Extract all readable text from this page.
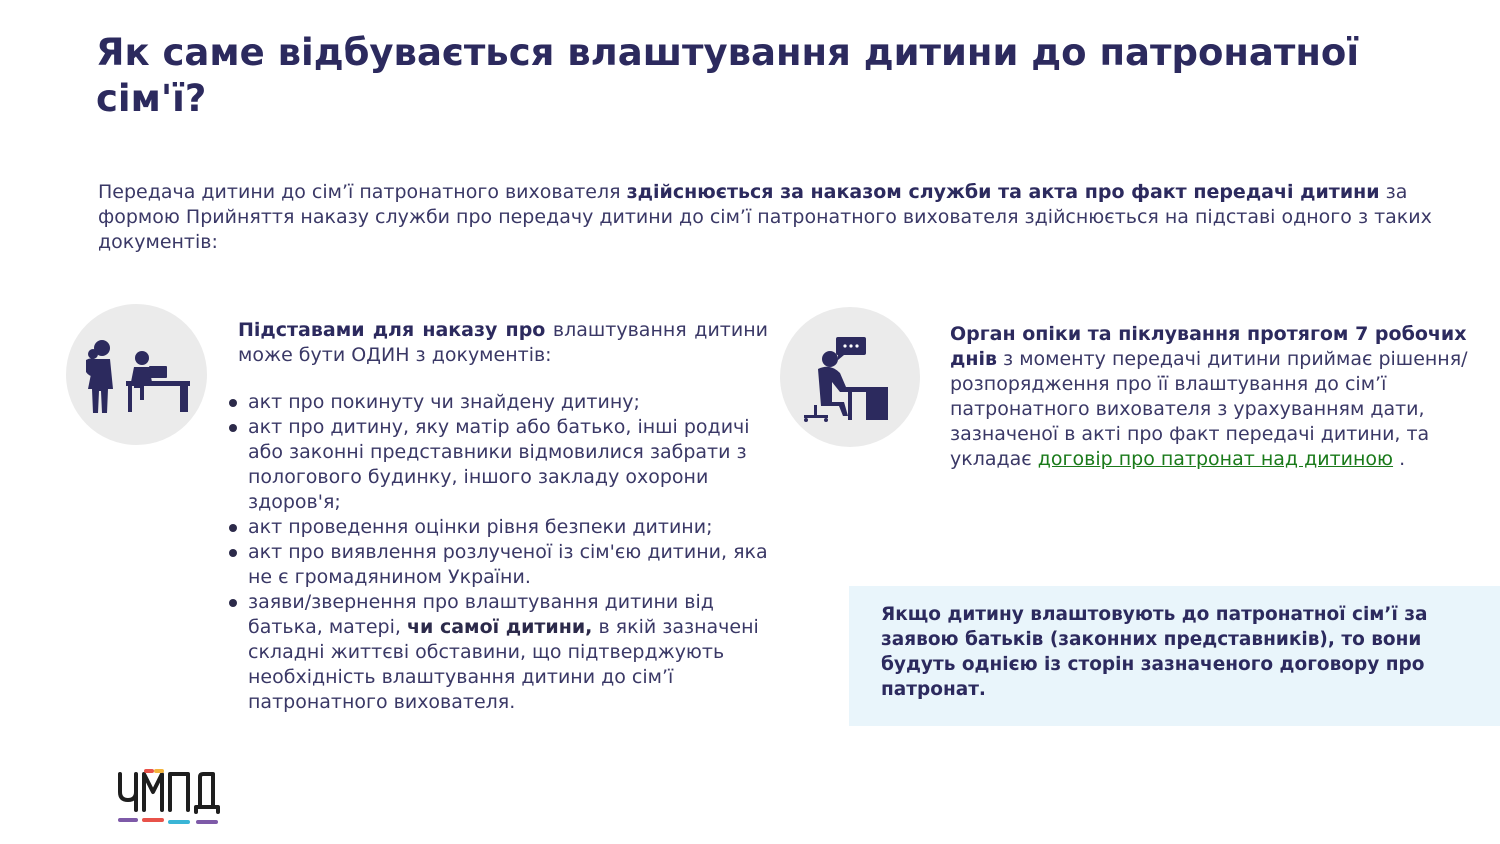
Як саме відбувається влаштування дитини до патронатної сім'ї?

Передача дитини до сім’ї патронатного вихователя здійснюється за наказом служби та акта про факт передачі дитини за формою Прийняття наказу служби про передачу дитини до сім’ї патронатного вихователя здійснюється на підставі одного з таких документів:

Підставами для наказу про влаштування дитини може бути ОДИН з документів:

акт про покинуту чи знайдену дитину;
акт про дитину, яку матір або батько, інші родичі або законні представники відмовилися забрати з пологового будинку, іншого закладу охорони здоров'я;
акт проведення оцінки рівня безпеки дитини;
акт про виявлення розлученої із сім'єю дитини, яка не є громадянином України.
заяви/звернення про влаштування дитини від батька, матері, чи самої дитини, в якій зазначені складні життєві обставини, що підтверджують необхідність влаштування дитини до сім’ї патронатного вихователя.

Орган опіки та піклування протягом 7 робочих днів з моменту передачі дитини приймає рішення/розпорядження про її влаштування до сім’ї патронатного вихователя з урахуванням дати, зазначеної в акті про факт передачі дитини, та укладає договір про патронат над дитиною .

Якщо дитину влаштовують до патронатної сім’ї за заявою батьків (законних представників), то вони будуть однією із сторін зазначеного договору про патронат.
